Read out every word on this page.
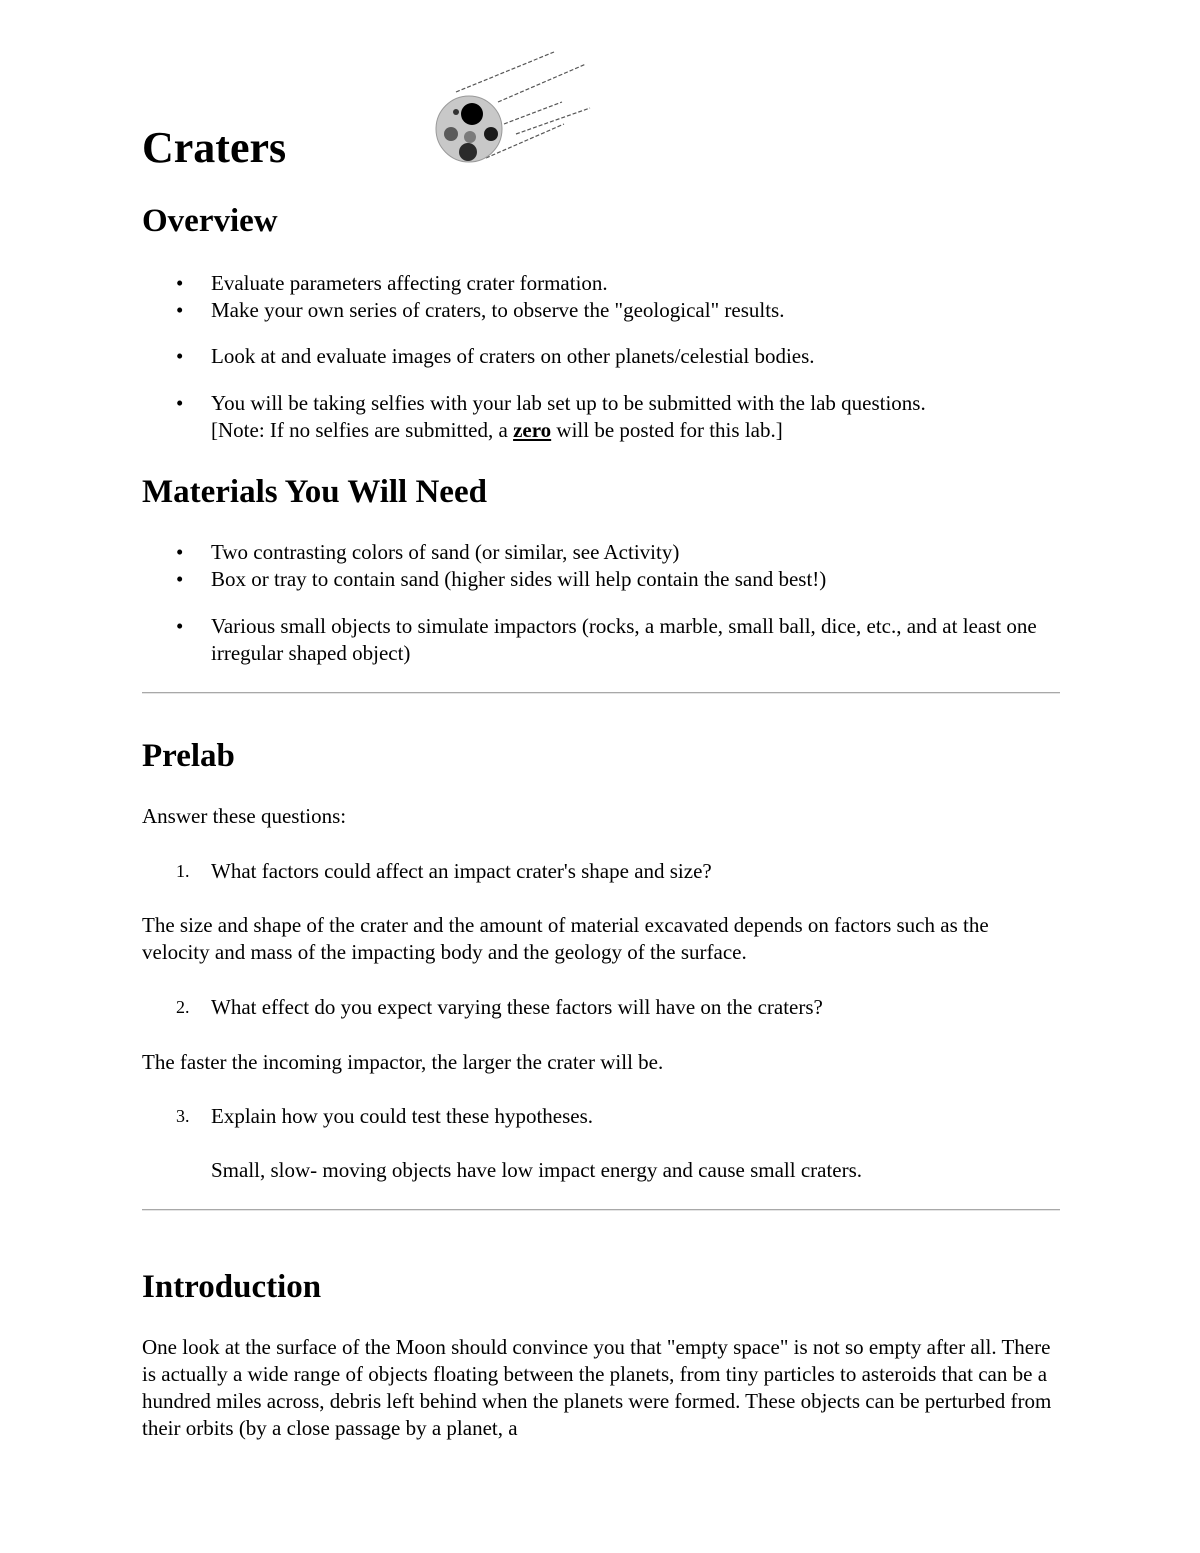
Craters
Overview
• Evaluate parameters affecting crater formation.
• Make your own series of craters, to observe the "geological" results.
• Look at and evaluate images of craters on other planets/celestial bodies.
• You will be taking selfies with your lab set up to be submitted with the lab questions.
[Note: If no selfies are submitted, a zero will be posted for this lab.]
Materials You Will Need
• Two contrasting colors of sand (or similar, see Activity)
• Box or tray to contain sand (higher sides will help contain the sand best!)
• Various small objects to simulate impactors (rocks, a marble, small ball, dice, etc., and at least one irregular shaped object)
Prelab

Answer these questions:

1. What factors could affect an impact crater's shape and size?

The size and shape of the crater and the amount of material excavated depends on factors such as the velocity and mass of the impacting body and the geology of the surface.

2. What effect do you expect varying these factors will have on the craters?

The faster the incoming impactor, the larger the crater will be.

3. Explain how you could test these hypotheses.

Small, slow- moving objects have low impact energy and cause small craters.

Introduction

One look at the surface of the Moon should convince you that "empty space" is not so empty after all. There is actually a wide range of objects floating between the planets, from tiny particles to asteroids that can be a hundred miles across, debris left behind when the planets were formed. These objects can be perturbed from their orbits (by a close passage by a planet, a
